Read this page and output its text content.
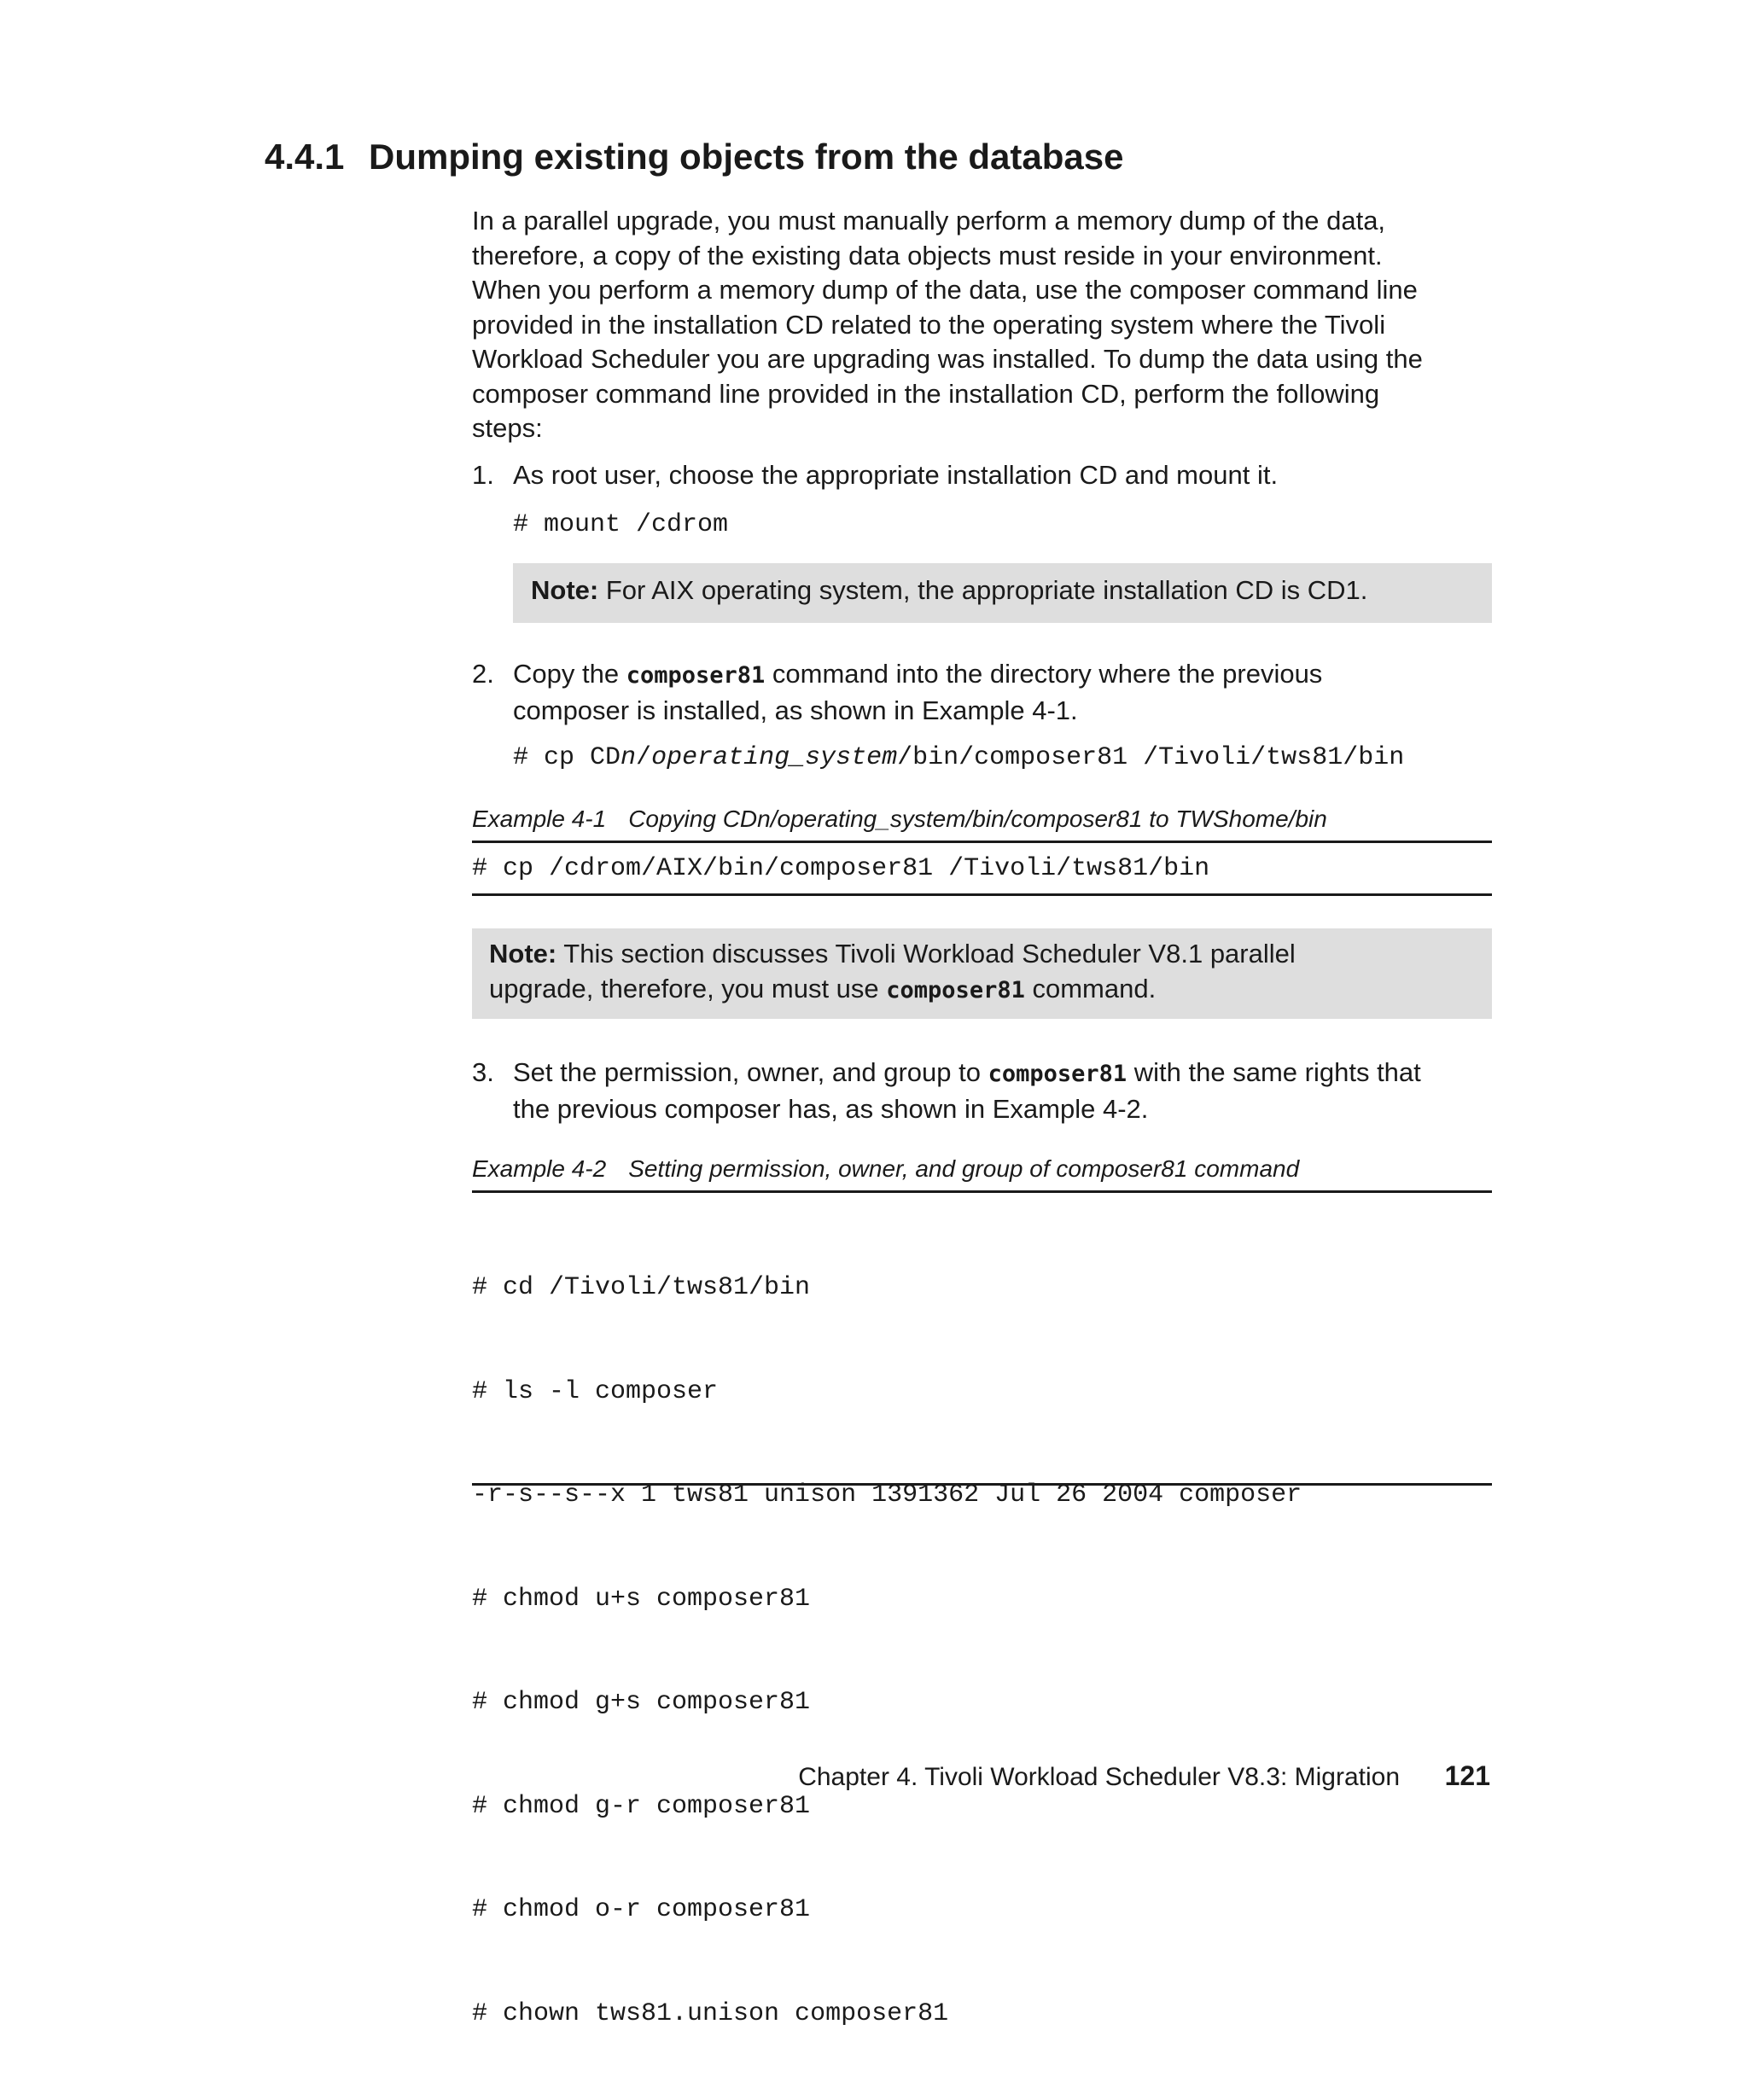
4.4.1 Dumping existing objects from the database

In a parallel upgrade, you must manually perform a memory dump of the data,
therefore, a copy of the existing data objects must reside in your environment.
When you perform a memory dump of the data, use the composer command line
provided in the installation CD related to the operating system where the Tivoli
Workload Scheduler you are upgrading was installed. To dump the data using the
composer command line provided in the installation CD, perform the following
steps:

1. As root user, choose the appropriate installation CD and mount it.
# mount /cdrom
Note: For AIX operating system, the appropriate installation CD is CD1.
2. Copy the composer81 command into the directory where the previous
composer is installed, as shown in Example 4-1.
# cp CDn/operating_system/bin/composer81 /Tivoli/tws81/bin
Example 4-1 Copying CDn/operating_system/bin/composer81 to TWShome/bin
# cp /cdrom/AIX/bin/composer81 /Tivoli/tws81/bin
Note: This section discusses Tivoli Workload Scheduler V8.1 parallel
upgrade, therefore, you must use composer81 command.
3. Set the permission, owner, and group to composer81 with the same rights that
the previous composer has, as shown in Example 4-2.
Example 4-2 Setting permission, owner, and group of composer81 command

# cd /Tivoli/tws81/bin

# ls -l composer

-r-s--s--x 1 tws81 unison 1391362 Jul 26 2004 composer

# chmod u+s composer81

# chmod g+s composer81

# chmod g-r composer81

# chmod o-r composer81

# chown tws81.unison composer81

Chapter 4. Tivoli Workload Scheduler V8.3: Migration 121
